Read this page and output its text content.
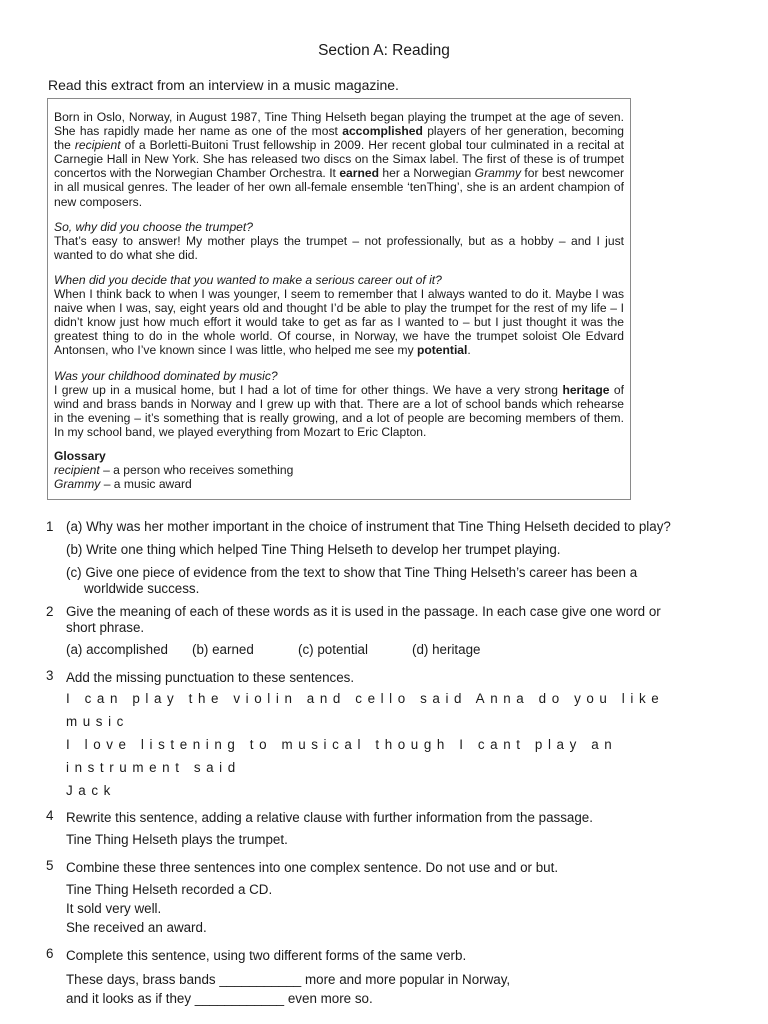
Section A: Reading
Read this extract from an interview in a music magazine.

Born in Oslo, Norway, in August 1987, Tine Thing Helseth began playing the trumpet at the age of seven. She has rapidly made her name as one of the most accomplished players of her generation, becoming the recipient of a Borletti-Buitoni Trust fellowship in 2009. Her recent global tour culminated in a recital at Carnegie Hall in New York. She has released two discs on the Simax label. The first of these is of trumpet concertos with the Norwegian Chamber Orchestra. It earned her a Norwegian Grammy for best newcomer in all musical genres. The leader of her own all-female ensemble ‘tenThing’, she is an ardent champion of new composers.

So, why did you choose the trumpet?
That’s easy to answer! My mother plays the trumpet – not professionally, but as a hobby – and I just wanted to do what she did.

When did you decide that you wanted to make a serious career out of it?
When I think back to when I was younger, I seem to remember that I always wanted to do it. Maybe I was naive when I was, say, eight years old and thought I’d be able to play the trumpet for the rest of my life – I didn’t know just how much effort it would take to get as far as I wanted to – but I just thought it was the greatest thing to do in the whole world. Of course, in Norway, we have the trumpet soloist Ole Edvard Antonsen, who I’ve known since I was little, who helped me see my potential.

Was your childhood dominated by music?
I grew up in a musical home, but I had a lot of time for other things. We have a very strong heritage of wind and brass bands in Norway and I grew up with that. There are a lot of school bands which rehearse in the evening – it’s something that is really growing, and a lot of people are becoming members of them. In my school band, we played everything from Mozart to Eric Clapton.

Glossary
recipient – a person who receives something
Grammy – a music award
1 (a) Why was her mother important in the choice of instrument that Tine Thing Helseth decided to play?
(b) Write one thing which helped Tine Thing Helseth to develop her trumpet playing.
(c) Give one piece of evidence from the text to show that Tine Thing Helseth’s career has been a
worldwide success.
2 Give the meaning of each of these words as it is used in the passage. In each case give one word or
short phrase.
(a) accomplished (b) earned	(c) potential	(d) heritage
3 Add the missing punctuation to these sentences.
I can play the violin and cello said Anna do you like music
I love listening to musical though I cant play an instrument said
Jack
4 Rewrite this sentence, adding a relative clause with further information from the passage.
Tine Thing Helseth plays the trumpet.
5 Combine these three sentences into one complex sentence. Do not use and or but.
Tine Thing Helseth recorded a CD.
It sold very well.
She received an award.
6 Complete this sentence, using two different forms of the same verb.
These days, brass bands ___________ more and more popular in Norway,
and it looks as if they ____________ even more so.
